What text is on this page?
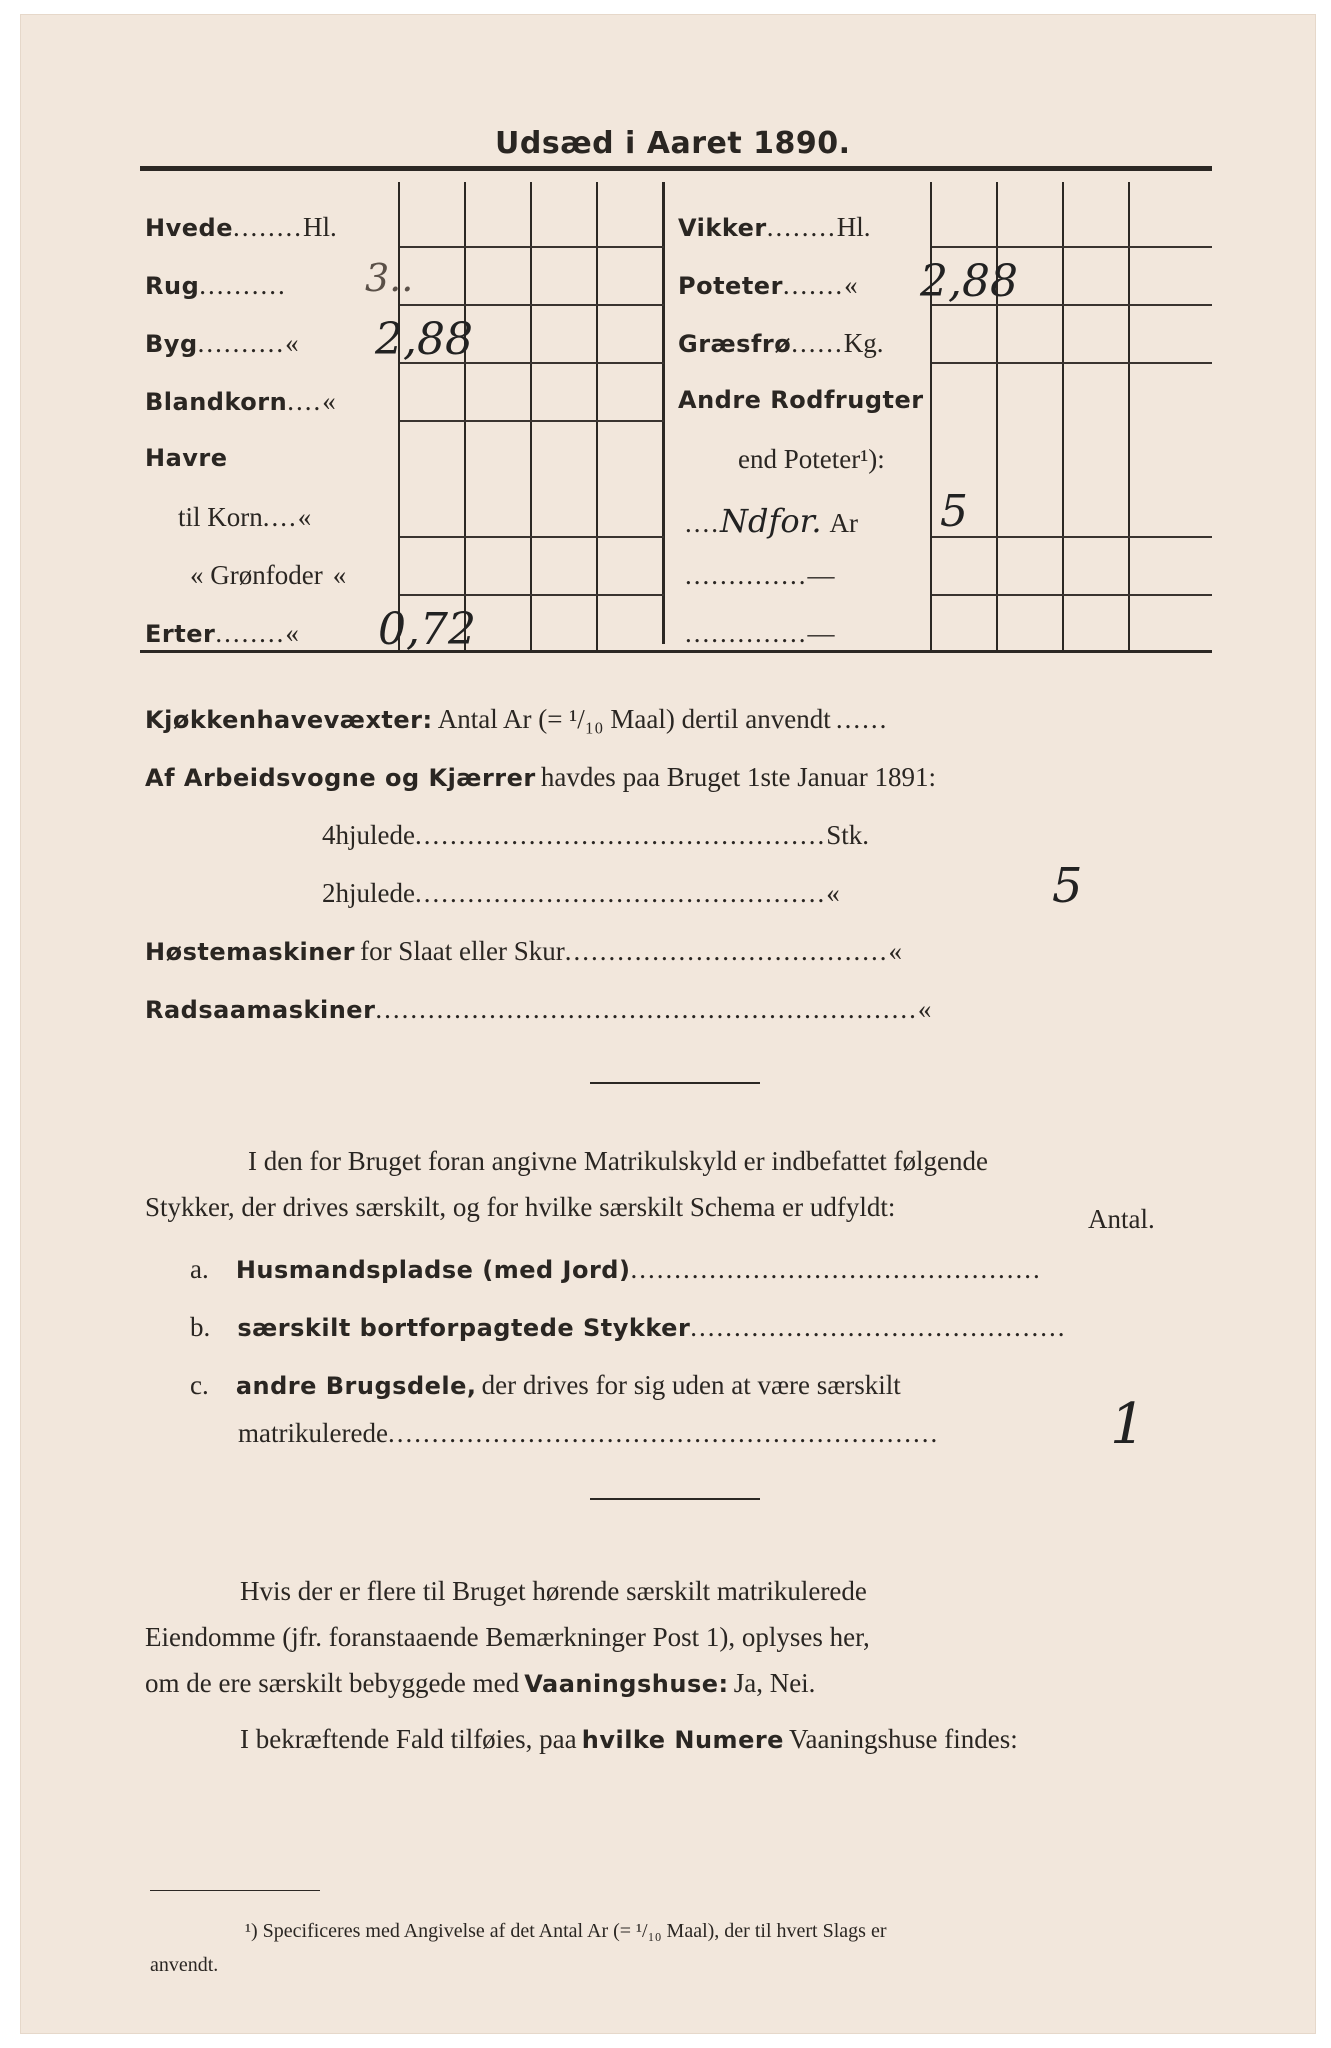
Udsæd i Aaret 1890.
Hvede........Hl.
Rug.......... 3..
Byg..........« 2,88
Blandkorn....«
Havre
til Korn....«
« Grønfoder «
Erter........« 0,72
Vikker........Hl.
Poteter.......« 2,88
Græsfrø......Kg.
Andre Rodfrugter
end Poteter¹):
....Ndfor. Ar 5
..............—
..............—
Kjøkkenhavevæxter: Antal Ar (= ¹/₁₀ Maal) dertil anvendt ......
Af Arbeidsvogne og Kjærrer havdes paa Bruget 1ste Januar 1891:
4hjulede...............................................Stk.
2hjulede...............................................«	5
Høstemaskiner for Slaat eller Skur.....................................«
Radsaamaskiner..............................................................«
I den for Bruget foran angivne Matrikulskyld er indbefattet følgende
Stykker, der drives særskilt, og for hvilke særskilt Schema er udfyldt:	Antal.
a. Husmandspladse (med Jord)...............................................
b. særskilt bortforpagtede Stykker...........................................
c. andre Brugsdele, der drives for sig uden at være særskilt
matrikulerede...............................................................	1
Hvis der er flere til Bruget hørende særskilt matrikulerede
Eiendomme (jfr. foranstaaende Bemærkninger Post 1), oplyses her,
om de ere særskilt bebyggede med Vaaningshuse: Ja, Nei.
I bekræftende Fald tilføies, paa hvilke Numere Vaaningshuse findes:
¹) Specificeres med Angivelse af det Antal Ar (= ¹/₁₀ Maal), der til hvert Slags er
anvendt.
